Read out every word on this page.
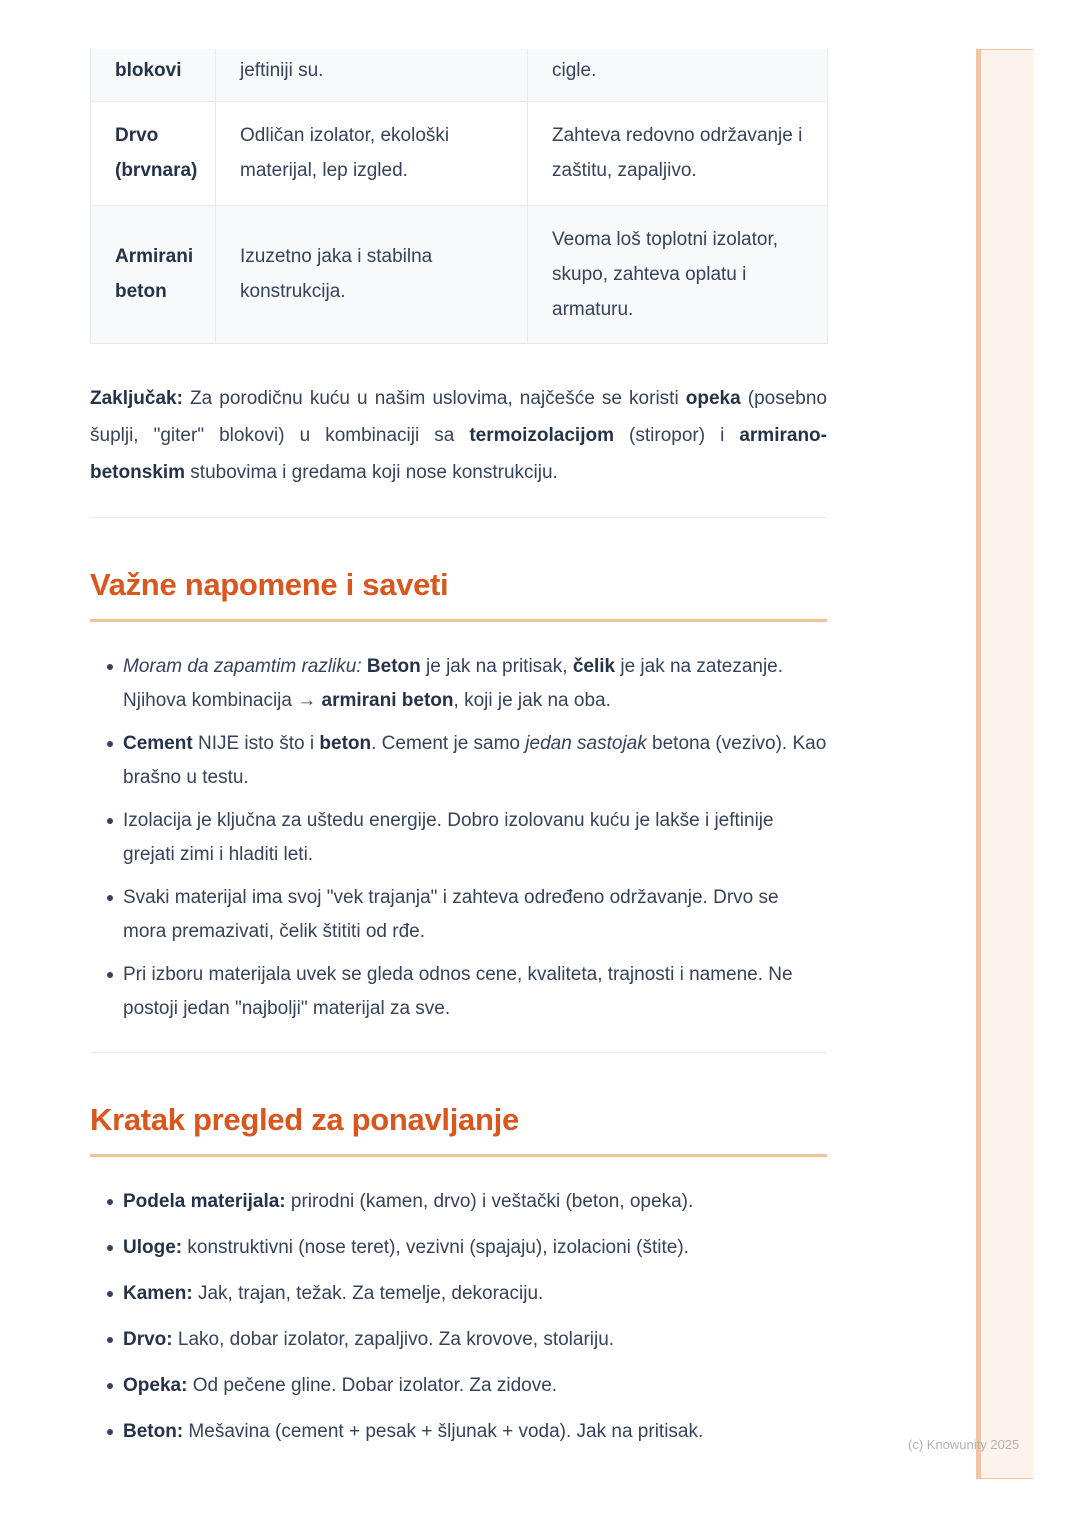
blokovi	jeftiniji su.	cigle.
Drvo (brvnara)	Odličan izolator, ekološki materijal, lep izgled.	Zahteva redovno održavanje i zaštitu, zapaljivo.
Armirani beton	Izuzetno jaka i stabilna konstrukcija.	Veoma loš toplotni izolator, skupo, zahteva oplatu i armaturu.

Zaključak: Za porodičnu kuću u našim uslovima, najčešće se koristi opeka (posebno šuplji, "giter" blokovi) u kombinaciji sa termoizolacijom (stiropor) i armirano-betonskim stubovima i gredama koji nose konstrukciju.

Važne napomene i saveti
Moram da zapamtim razliku: Beton je jak na pritisak, čelik je jak na zatezanje. Njihova kombinacija → armirani beton, koji je jak na oba.
Cement NIJE isto što i beton. Cement je samo jedan sastojak betona (vezivo). Kao brašno u testu.
Izolacija je ključna za uštedu energije. Dobro izolovanu kuću je lakše i jeftinije grejati zimi i hladiti leti.
Svaki materijal ima svoj "vek trajanja" i zahteva određeno održavanje. Drvo se mora premazivati, čelik štititi od rđe.
Pri izboru materijala uvek se gleda odnos cene, kvaliteta, trajnosti i namene. Ne postoji jedan "najbolji" materijal za sve.
Kratak pregled za ponavljanje
Podela materijala: prirodni (kamen, drvo) i veštački (beton, opeka).
Uloge: konstruktivni (nose teret), vezivni (spajaju), izolacioni (štite).
Kamen: Jak, trajan, težak. Za temelje, dekoraciju.
Drvo: Lako, dobar izolator, zapaljivo. Za krovove, stolariju.
Opeka: Od pečene gline. Dobar izolator. Za zidove.
Beton: Mešavina (cement + pesak + šljunak + voda). Jak na pritisak.
(c) Knowunity 2025
